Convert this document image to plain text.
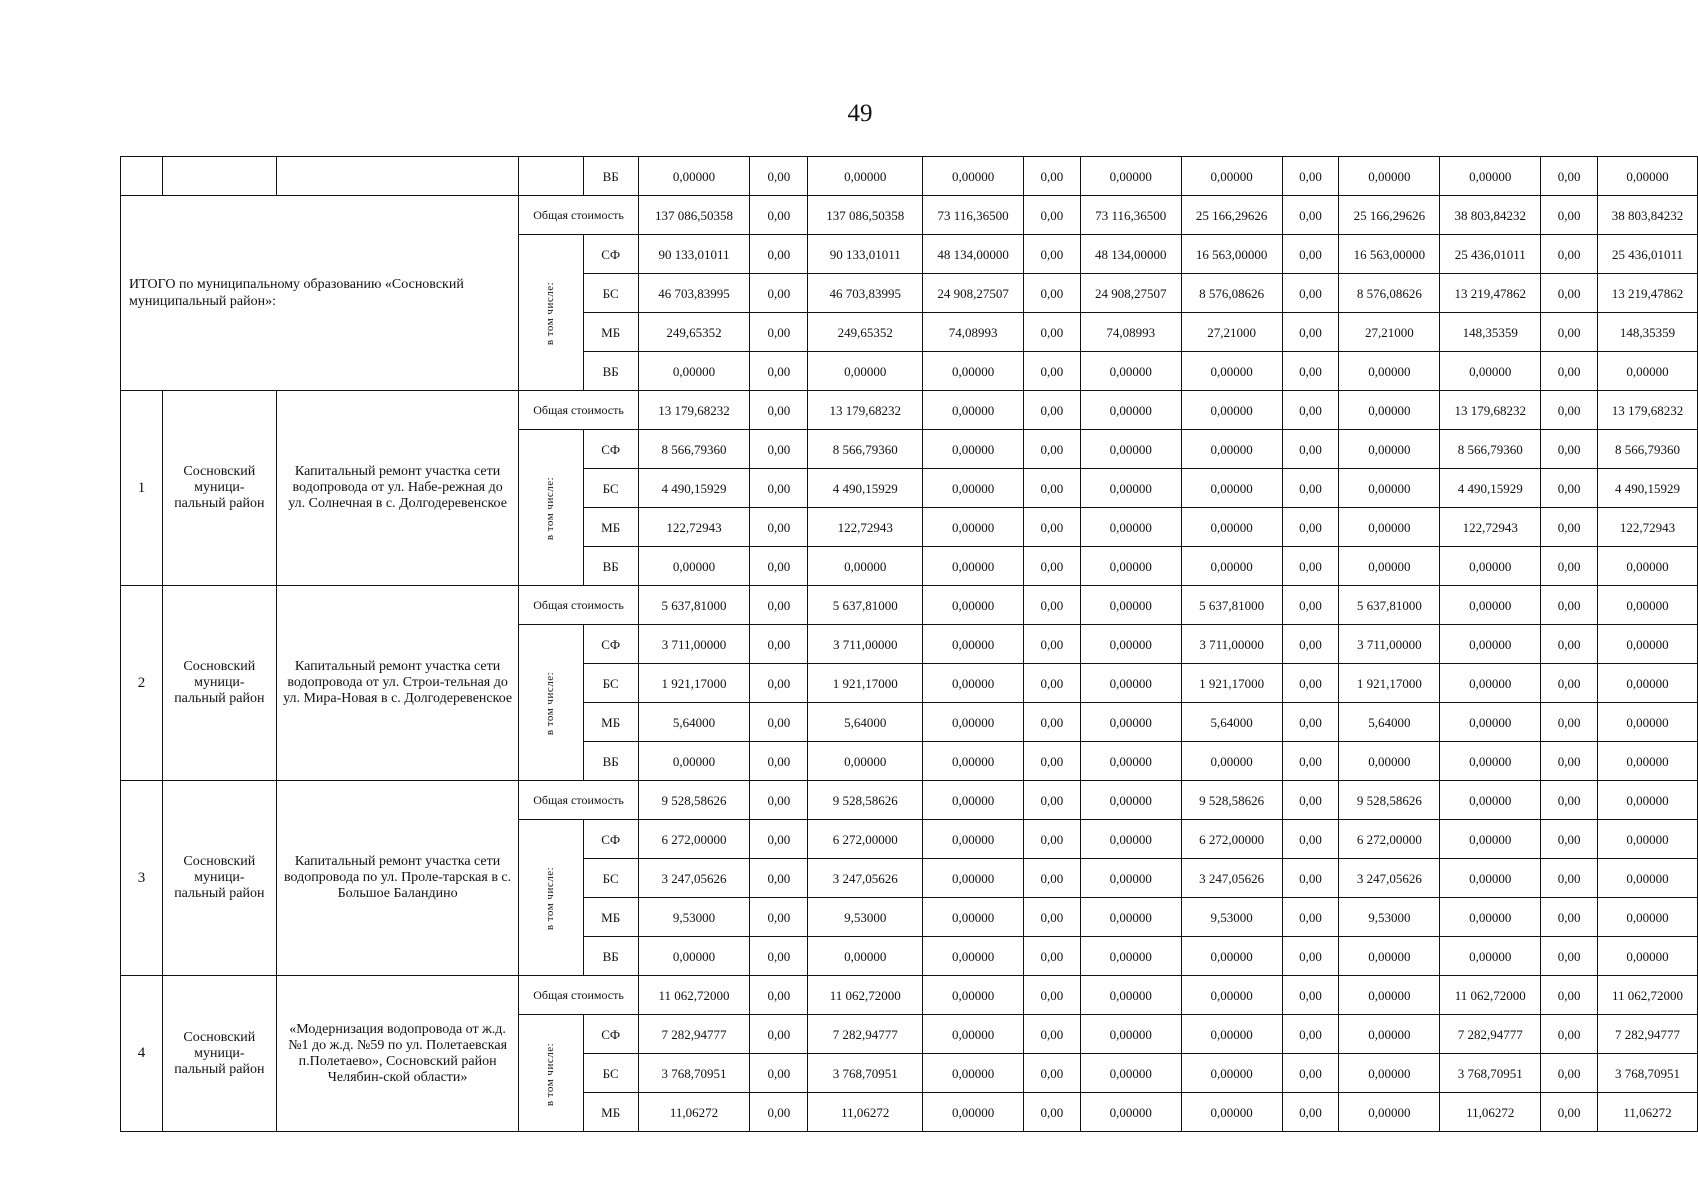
49
				ВБ	0,00000	0,00	0,00000	0,00000	0,00	0,00000	0,00000	0,00	0,00000	0,00000	0,00	0,00000
ИТОГО по муниципальному образованию «Сосновский муниципальный район»:			Общая стоимость		137 086,50358	0,00	137 086,50358	73 116,36500	0,00	73 116,36500	25 166,29626	0,00	25 166,29626	38 803,84232	0,00	38 803,84232
			в том числе:	СФ	90 133,01011	0,00	90 133,01011	48 134,00000	0,00	48 134,00000	16 563,00000	0,00	16 563,00000	25 436,01011	0,00	25 436,01011
				БС	46 703,83995	0,00	46 703,83995	24 908,27507	0,00	24 908,27507	8 576,08626	0,00	8 576,08626	13 219,47862	0,00	13 219,47862
				МБ	249,65352	0,00	249,65352	74,08993	0,00	74,08993	27,21000	0,00	27,21000	148,35359	0,00	148,35359
				ВБ	0,00000	0,00	0,00000	0,00000	0,00	0,00000	0,00000	0,00	0,00000	0,00000	0,00	0,00000
1	Сосновский муници-пальный район	Капитальный ремонт участка сети водопровода от ул. Набе-режная до ул. Солнечная в с. Долгодеревенское	Общая стоимость		13 179,68232	0,00	13 179,68232	0,00000	0,00	0,00000	0,00000	0,00	0,00000	13 179,68232	0,00	13 179,68232
			в том числе:	СФ	8 566,79360	0,00	8 566,79360	0,00000	0,00	0,00000	0,00000	0,00	0,00000	8 566,79360	0,00	8 566,79360
				БС	4 490,15929	0,00	4 490,15929	0,00000	0,00	0,00000	0,00000	0,00	0,00000	4 490,15929	0,00	4 490,15929
				МБ	122,72943	0,00	122,72943	0,00000	0,00	0,00000	0,00000	0,00	0,00000	122,72943	0,00	122,72943
				ВБ	0,00000	0,00	0,00000	0,00000	0,00	0,00000	0,00000	0,00	0,00000	0,00000	0,00	0,00000
2	Сосновский муници-пальный район	Капитальный ремонт участка сети водопровода от ул. Строи-тельная до ул. Мира-Новая в с. Долгодеревенское	Общая стоимость		5 637,81000	0,00	5 637,81000	0,00000	0,00	0,00000	5 637,81000	0,00	5 637,81000	0,00000	0,00	0,00000
			в том числе:	СФ	3 711,00000	0,00	3 711,00000	0,00000	0,00	0,00000	3 711,00000	0,00	3 711,00000	0,00000	0,00	0,00000
				БС	1 921,17000	0,00	1 921,17000	0,00000	0,00	0,00000	1 921,17000	0,00	1 921,17000	0,00000	0,00	0,00000
				МБ	5,64000	0,00	5,64000	0,00000	0,00	0,00000	5,64000	0,00	5,64000	0,00000	0,00	0,00000
				ВБ	0,00000	0,00	0,00000	0,00000	0,00	0,00000	0,00000	0,00	0,00000	0,00000	0,00	0,00000
3	Сосновский муници-пальный район	Капитальный ремонт участка сети водопровода по ул. Проле-тарская в с. Большое Баландино	Общая стоимость		9 528,58626	0,00	9 528,58626	0,00000	0,00	0,00000	9 528,58626	0,00	9 528,58626	0,00000	0,00	0,00000
			в том числе:	СФ	6 272,00000	0,00	6 272,00000	0,00000	0,00	0,00000	6 272,00000	0,00	6 272,00000	0,00000	0,00	0,00000
				БС	3 247,05626	0,00	3 247,05626	0,00000	0,00	0,00000	3 247,05626	0,00	3 247,05626	0,00000	0,00	0,00000
				МБ	9,53000	0,00	9,53000	0,00000	0,00	0,00000	9,53000	0,00	9,53000	0,00000	0,00	0,00000
				ВБ	0,00000	0,00	0,00000	0,00000	0,00	0,00000	0,00000	0,00	0,00000	0,00000	0,00	0,00000
4	Сосновский муници-пальный район	«Модернизация водопровода от ж.д. №1 до ж.д. №59 по ул. Полетаевская п.Полетаево», Сосновский район Челябин-ской области»	Общая стоимость		11 062,72000	0,00	11 062,72000	0,00000	0,00	0,00000	0,00000	0,00	0,00000	11 062,72000	0,00	11 062,72000
			в том числе:	СФ	7 282,94777	0,00	7 282,94777	0,00000	0,00	0,00000	0,00000	0,00	0,00000	7 282,94777	0,00	7 282,94777
				БС	3 768,70951	0,00	3 768,70951	0,00000	0,00	0,00000	0,00000	0,00	0,00000	3 768,70951	0,00	3 768,70951
				МБ	11,06272	0,00	11,06272	0,00000	0,00	0,00000	0,00000	0,00	0,00000	11,06272	0,00	11,06272
